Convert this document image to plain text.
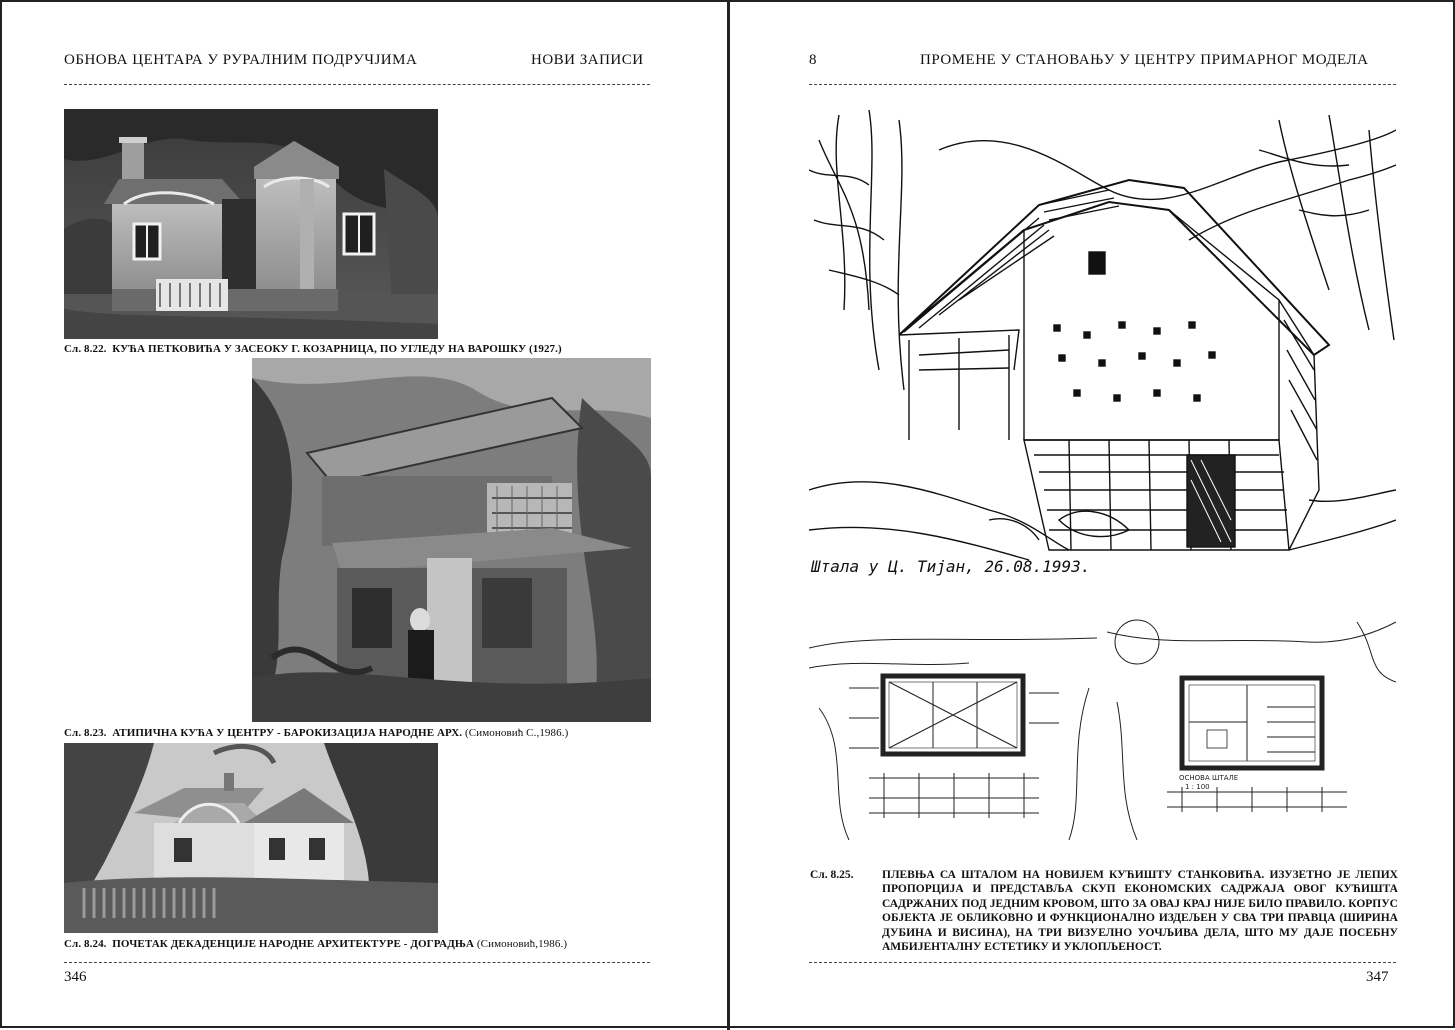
ОБНОВА ЦЕНТАРА У РУРАЛНИМ ПОДРУЧЈИМА	НОВИ ЗАПИСИ
Сл. 8.22. КУЋА ПЕТКОВИЋА У ЗАСЕОКУ Г. КОЗАРНИЦА, ПО УГЛЕДУ НА ВАРОШКУ (1927.)
Сл. 8.23. АТИПИЧНА КУЋА У ЦЕНТРУ - БАРОКИЗАЦИЈА НАРОДНЕ АРХ. (Симоновић С.,1986.)
Сл. 8.24. ПОЧЕТАК ДЕКАДЕНЦИЈЕ НАРОДНЕ АРХИТЕКТУРЕ - ДОГРАДЊА (Симоновић,1986.)
346
8	ПРОМЕНЕ У СТАНОВАЊУ У ЦЕНТРУ ПРИМАРНОГ МОДЕЛА
Штала у Ц. Тијан, 26.08.1993.
ОСНОВА ШТАЛЕ
1 : 100
Сл. 8.25.	ПЛЕВЊА СА ШТАЛОМ НА НОВИЈЕМ КУЋИШТУ СТАНКОВИЋА. ИЗУЗЕТНО ЈЕ ЛЕПИХ ПРОПОРЦИЈА И ПРЕДСТАВЉА СКУП ЕКОНОМСКИХ САДРЖАЈА ОВОГ КУЋИШТА САДРЖАНИХ ПОД ЈЕДНИМ КРОВОМ, ШТО ЗА ОВАЈ КРАЈ НИЈЕ БИЛО ПРАВИЛО. КОРПУС ОБЈЕКТА ЈЕ ОБЛИКОВНО И ФУНКЦИОНАЛНО ИЗДЕЉЕН У СВА ТРИ ПРАВЦА (ШИРИНА ДУБИНА И ВИСИНА), НА ТРИ ВИЗУЕЛНО УОЧЉИВА ДЕЛА, ШТО МУ ДАЈЕ ПОСЕБНУ АМБИЈЕНТАЛНУ ЕСТЕТИКУ И УКЛОПЉЕНОСТ.
347
